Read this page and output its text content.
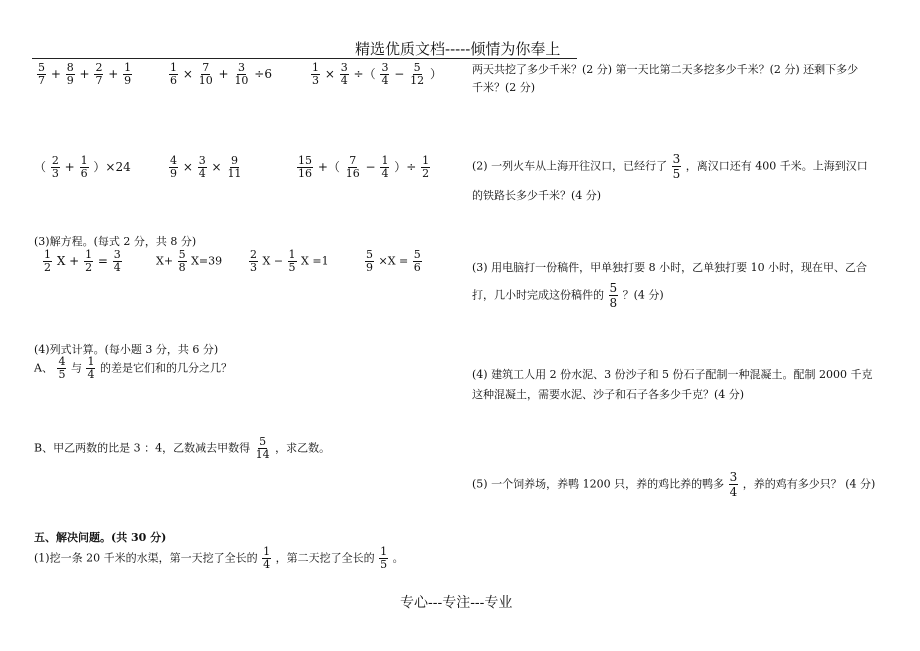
精选优质文档-----倾情为你奉上
$\frac{5}{7} + \frac{8}{9} + \frac{2}{7} + \frac{1}{9}$	$\frac{1}{6} \times \frac{7}{10} + \frac{3}{10} \div 6$	$\frac{1}{3} \times \frac{3}{4}$ ÷（ $\frac{3}{4} - \frac{5}{12}$ ）
（ $\frac{2}{3} + \frac{1}{6} )\times 24$	$\frac{4}{9} \times \frac{3}{4} \times \frac{9}{11}$	$\frac{15}{16}$ +（ $\frac{7}{16} - \frac{1}{4}$ ）÷ $\frac{1}{2}$
(3)解方程。(每式 2 分，共 8 分)
$\frac{1}{2}$ $X + \frac{1}{2} = \frac{3}{4}$	$X+ \frac{5}{8} X=39 \frac{2}{3}$ $X - \frac{1}{5}$ X =1	$\frac{5}{9} \times X = \frac{5}{6}$
(4)列式计算。(每小题 3 分，共 6 分)
A、 $\frac{4}{5}$ 与 $\frac{1}{4}$ 的差是它们和的几分之几？
B、甲乙两数的比是 3 ：4，乙数减去甲数得 $\frac{5}{14}$ ，求乙数。
五、解决问题。(共 30 分)
(1)挖一条 20 千米的水渠，第一天挖了全长的 $\frac{1}{4}$ ，第二天挖了全长的 $\frac{1}{5}$ 。
两天共挖了多少千米？(2 分) 第一天比第二天多挖多少千米？(2 分) 还剩下多少
千米？(2 分)
(2) 一列火车从上海开往汉口，已经行了 $\frac{3}{5}$ ，离汉口还有 400 千米。上海到汉口
的铁路长多少千米？(4 分)
(3) 用电脑打一份稿件，甲单独打要 8 小时，乙单独打要 10 小时，现在甲、乙合
打，几小时完成这份稿件的 $\frac{5}{8}$ ？(4 分)
(4) 建筑工人用 2 份水泥、3 份沙子和 5 份石子配制一种混凝土。配制 2000 千克
这种混凝土，需要水泥、沙子和石子各多少千克？(4 分)
(5) 一个饲养场，养鸭 1200 只，养的鸡比养的鸭多 $\frac{3}{4}$ ，养的鸡有多少只？ (4 分)
专心---专注---专业
